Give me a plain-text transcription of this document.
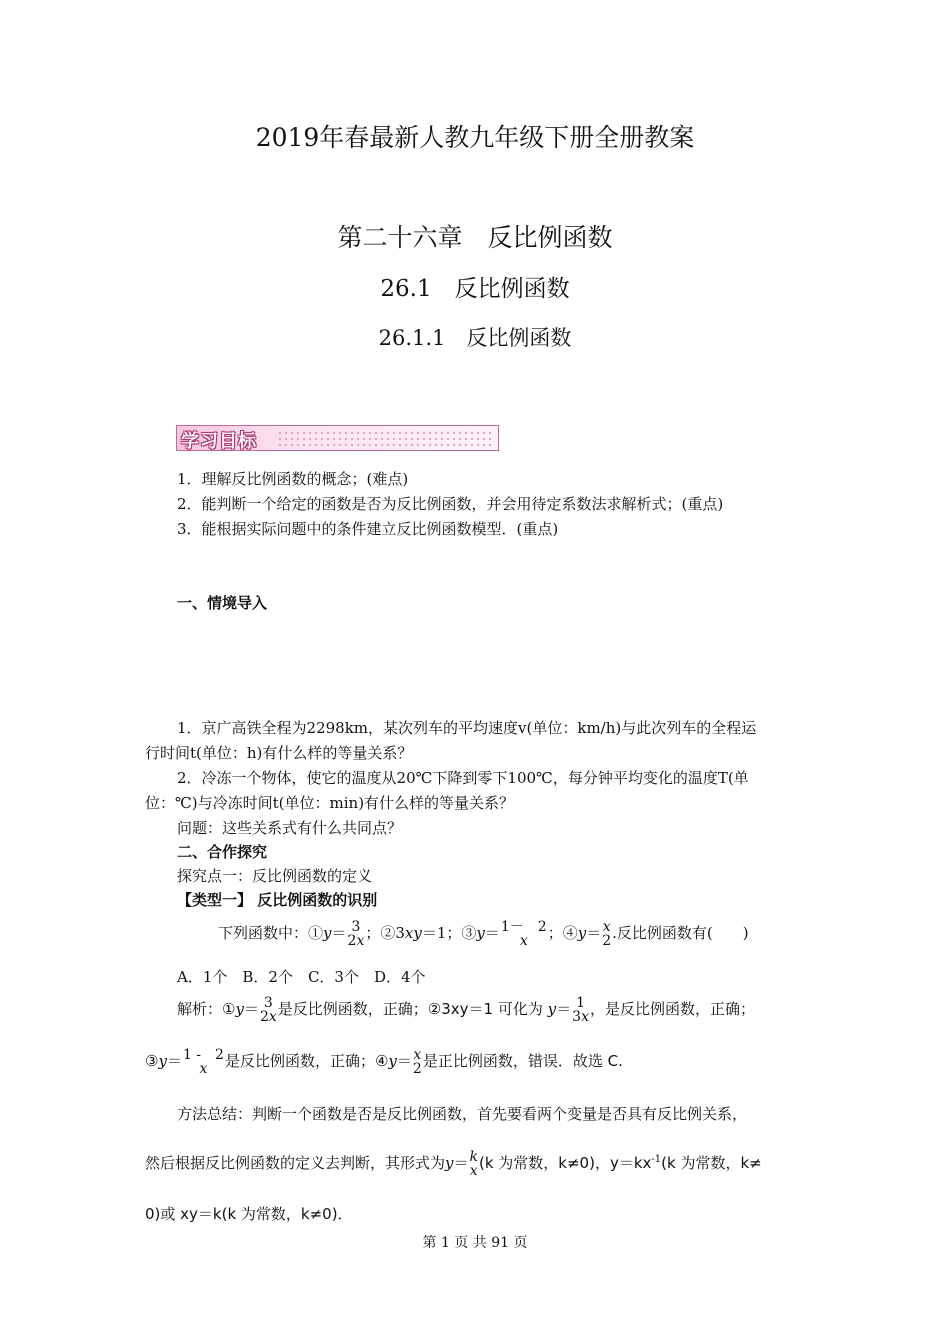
2019年春最新人教九年级下册全册教案
第二十六章　反比例函数
26.1　反比例函数
26.1.1　反比例函数
学习目标
1．理解反比例函数的概念；(难点)
2．能判断一个给定的函数是否为反比例函数，并会用待定系数法求解析式；(重点)
3．能根据实际问题中的条件建立反比例函数模型．(重点)
一、情境导入
1．京广高铁全程为2298km，某次列车的平均速度v(单位：km/h)与此次列车的全程运
行时间t(单位：h)有什么样的等量关系？
2．冷冻一个物体，使它的温度从20℃下降到零下100℃，每分钟平均变化的温度T(单
位：℃)与冷冻时间t(单位：min)有什么样的等量关系？
问题：这些关系式有什么共同点？
二、合作探究
探究点一：反比例函数的定义
【类型一】 反比例函数的识别
下列函数中：①y＝ 3
2x ；②3xy＝1；③y＝ 1－　2
x	；④y＝ x
2 .反比例函数有(　　)
A．1个　B．2个　C．3个　D．4个
解析：①y＝ 3
2x 是反比例函数，正确；②3xy＝1 可化为 y＝ 1
3x ，是反比例函数，正确；
③y＝ 1 -　2
x	是反比例函数，正确；④y＝ x
2 是正比例函数，错误．故选 C.
方法总结：判断一个函数是否是反比例函数，首先要看两个变量是否具有反比例关系，
然后根据反比例函数的定义去判断，其形式为y＝ k
x (k 为常数，k≠0)，$y=kx^{-1}(k$ 为常数，k≠
0)或 xy＝k(k 为常数，k≠0)．
第 1 页 共 91 页
